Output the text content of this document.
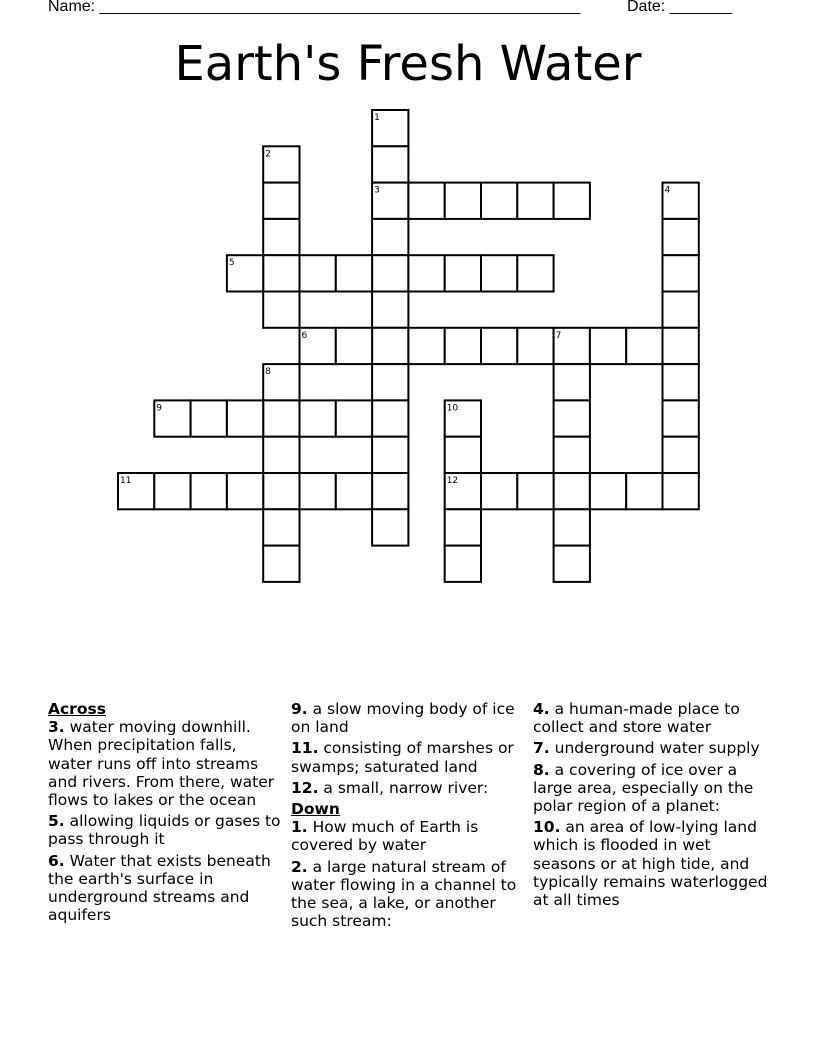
Name: ______________________________________________________	Date: _______
Earth's Fresh Water
1
2
3	4
5
6	7
8
9	10
11	12
Across
3. water moving downhill. When precipitation falls, water runs off into streams and rivers. From there, water flows to lakes or the ocean
5. allowing liquids or gases to pass through it
6. Water that exists beneath the earth's surface in underground streams and aquifers
9. a slow moving body of ice on land
11. consisting of marshes or swamps; saturated land
12. a small, narrow river:
Down
1. How much of Earth is covered by water
2. a large natural stream of water flowing in a channel to the sea, a lake, or another such stream:
4. a human-made place to collect and store water
7. underground water supply
8. a covering of ice over a large area, especially on the polar region of a planet:
10. an area of low-lying land which is flooded in wet seasons or at high tide, and typically remains waterlogged at all times
